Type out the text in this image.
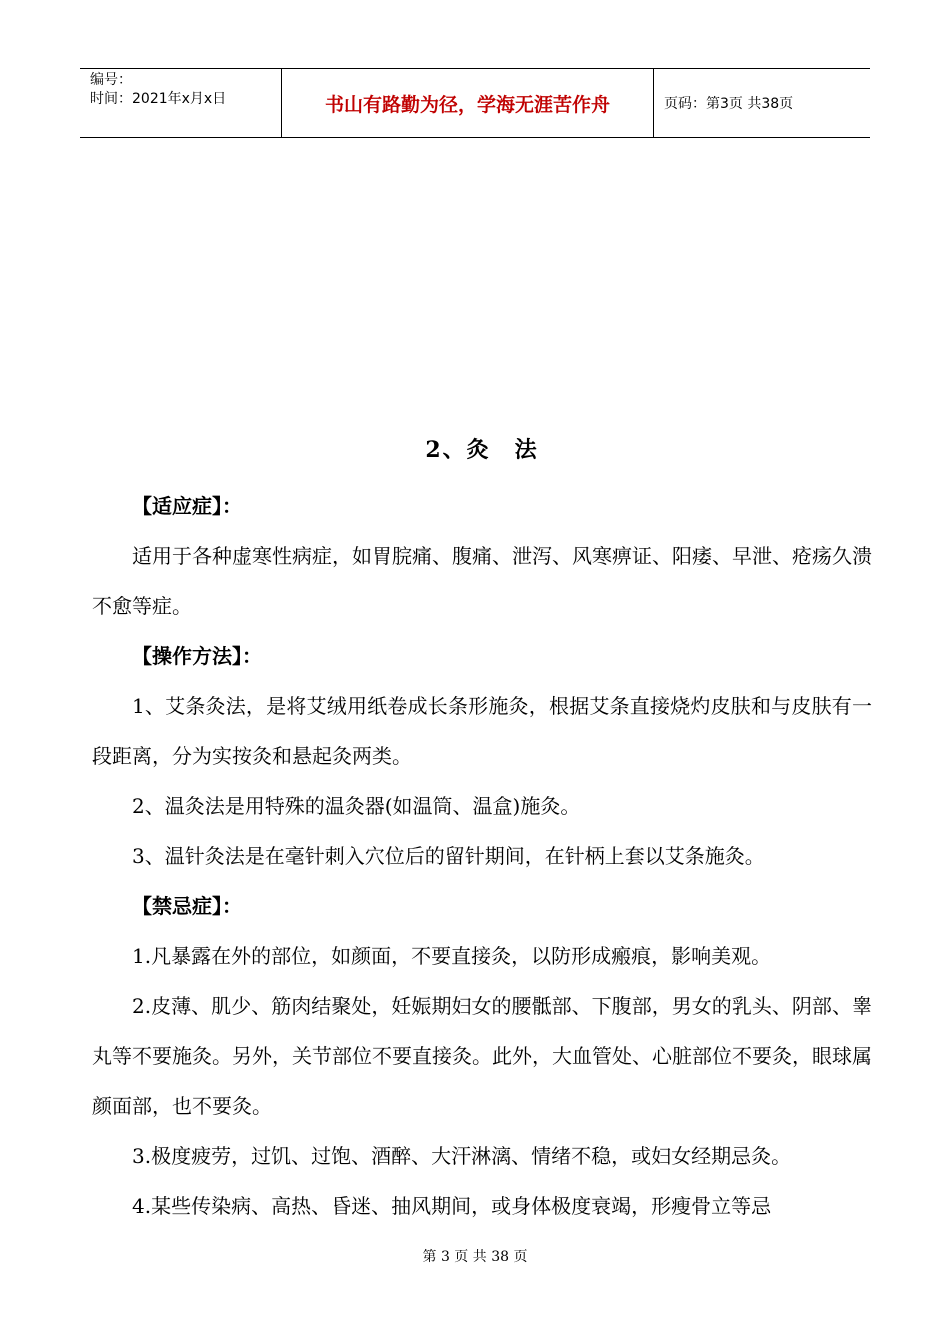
编号：
时间：2021年x月x日	书山有路勤为径，学海无涯苦作舟	页码：第3页 共38页

2、灸　法

【适应症】：

适用于各种虚寒性病症，如胃脘痛、腹痛、泄泻、风寒痹证、阳痿、早泄、疮疡久溃不愈等症。

【操作方法】：

1、艾条灸法，是将艾绒用纸卷成长条形施灸，根据艾条直接烧灼皮肤和与皮肤有一段距离，分为实按灸和悬起灸两类。

2、温灸法是用特殊的温灸器(如温筒、温盒)施灸。

3、温针灸法是在毫针刺入穴位后的留针期间，在针柄上套以艾条施灸。

【禁忌症】：

1.凡暴露在外的部位，如颜面，不要直接灸，以防形成瘢痕，影响美观。

2.皮薄、肌少、筋肉结聚处，妊娠期妇女的腰骶部、下腹部，男女的乳头、阴部、睾丸等不要施灸。另外，关节部位不要直接灸。此外，大血管处、心脏部位不要灸，眼球属颜面部，也不要灸。

3.极度疲劳，过饥、过饱、酒醉、大汗淋漓、情绪不稳，或妇女经期忌灸。

4.某些传染病、高热、昏迷、抽风期间，或身体极度衰竭，形瘦骨立等忌

第 3 页 共 38 页
